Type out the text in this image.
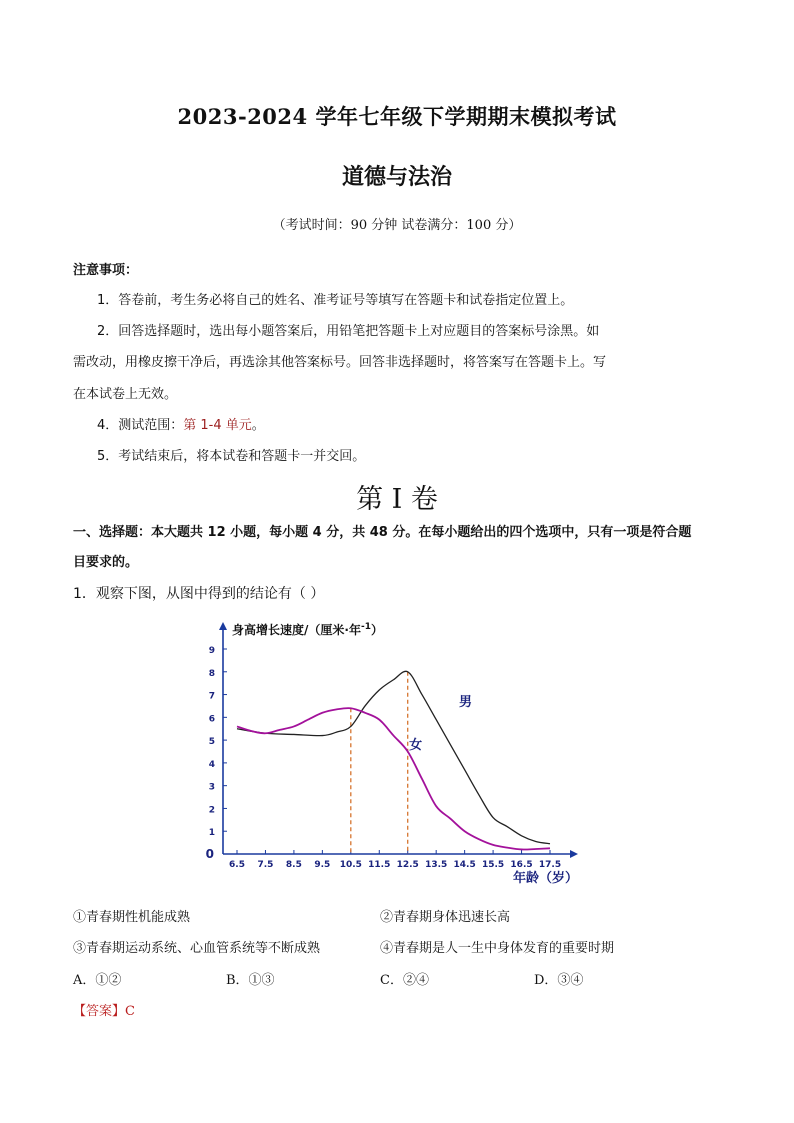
2023-2024 学年七年级下学期期末模拟考试
道德与法治
（考试时间：90 分钟 试卷满分：100 分）
注意事项：
1．答卷前，考生务必将自己的姓名、准考证号等填写在答题卡和试卷指定位置上。
2．回答选择题时，选出每小题答案后，用铅笔把答题卡上对应题目的答案标号涂黑。如
需改动，用橡皮擦干净后，再选涂其他答案标号。回答非选择题时，将答案写在答题卡上。写
在本试卷上无效。
4．测试范围：第 1-4 单元。
5．考试结束后，将本试卷和答题卡一并交回。
第 I 卷
一、选择题：本大题共 12 小题，每小题 4 分，共 48 分。在每小题给出的四个选项中，只有一项是符合题
目要求的。
1．观察下图，从图中得到的结论有（ ）
0
1
2
3
4
5
6
7
8
9
6.5 7.5 8.5 9.5 10.5 11.5 12.5 13.5 14.5 15.5 16.5 17.5
男
女
身高增长速度/（厘米·年$^{-1}$）
年龄（岁）
①青春期性机能成熟	②青春期身体迅速长高
③青春期运动系统、心血管系统等不断成熟	④青春期是人一生中身体发育的重要时期
A．①②	B．①③	C．②④	D．③④
【答案】C
